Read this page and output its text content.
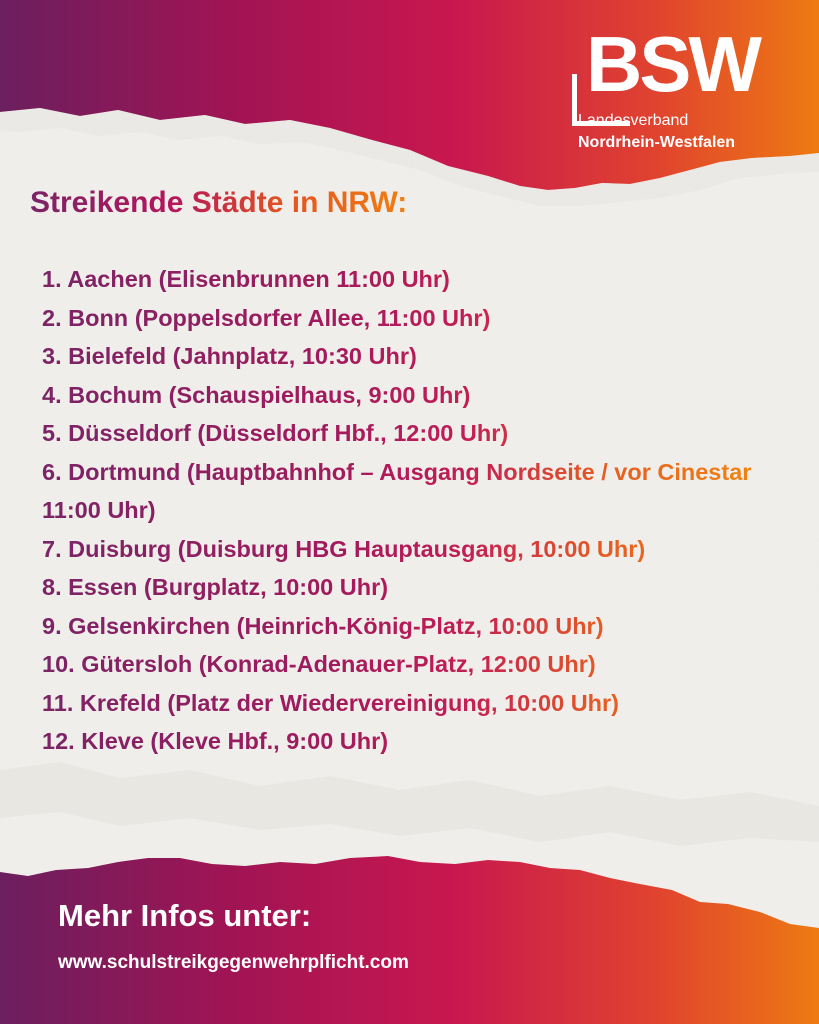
BSW
Landesverband
Nordrhein-Westfalen
Streikende Städte in NRW:
1. Aachen (Elisenbrunnen 11:00 Uhr)
2. Bonn (Poppelsdorfer Allee, 11:00 Uhr)
3. Bielefeld (Jahnplatz, 10:30 Uhr)
4. Bochum (Schauspielhaus, 9:00 Uhr)
5. Düsseldorf (Düsseldorf Hbf., 12:00 Uhr)
6. Dortmund (Hauptbahnhof – Ausgang Nordseite / vor Cinestar 11:00 Uhr)
7. Duisburg (Duisburg HBG Hauptausgang, 10:00 Uhr)
8. Essen (Burgplatz, 10:00 Uhr)
9. Gelsenkirchen (Heinrich-König-Platz, 10:00 Uhr)
10. Gütersloh (Konrad-Adenauer-Platz, 12:00 Uhr)
11. Krefeld (Platz der Wiedervereinigung, 10:00 Uhr)
12. Kleve (Kleve Hbf., 9:00 Uhr)
Mehr Infos unter:
www.schulstreikgegenwehrplficht.com
